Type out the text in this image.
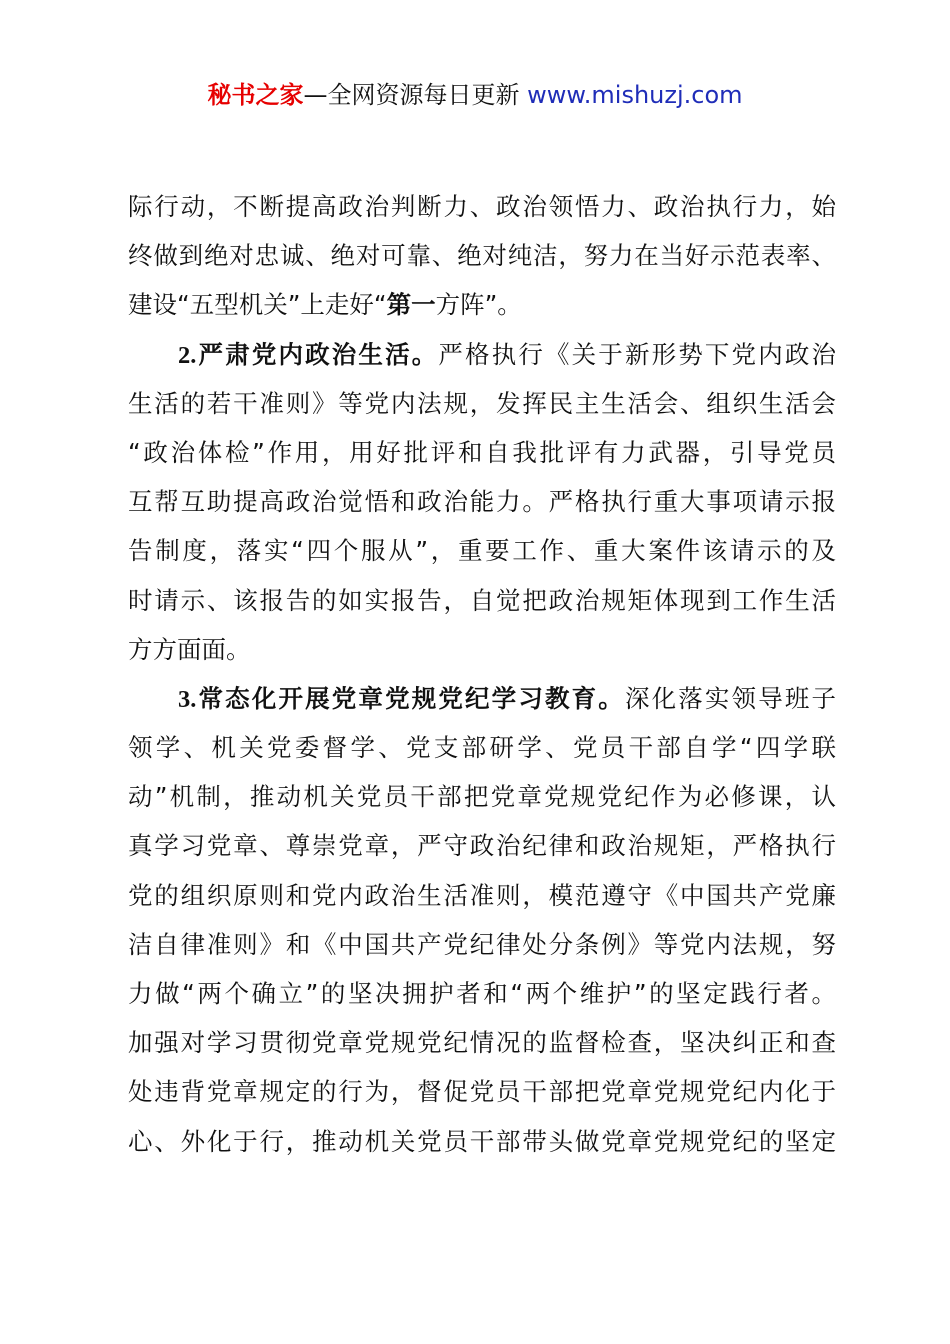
秘书之家—全网资源每日更新 www.mishuzj.com
际行动，不断提高政治判断力、政治领悟力、政治执行力，始
终做到绝对忠诚、绝对可靠、绝对纯洁，努力在当好示范表率、
建设“五型机关”上走好“第一方阵”。
2.严肃党内政治生活。严格执行《关于新形势下党内政治
生活的若干准则》等党内法规，发挥民主生活会、组织生活会
“政治体检”作用，用好批评和自我批评有力武器，引导党员
互帮互助提高政治觉悟和政治能力。严格执行重大事项请示报
告制度，落实“四个服从”，重要工作、重大案件该请示的及
时请示、该报告的如实报告，自觉把政治规矩体现到工作生活
方方面面。
3.常态化开展党章党规党纪学习教育。深化落实领导班子
领学、机关党委督学、党支部研学、党员干部自学“四学联
动”机制，推动机关党员干部把党章党规党纪作为必修课，认
真学习党章、尊崇党章，严守政治纪律和政治规矩，严格执行
党的组织原则和党内政治生活准则，模范遵守《中国共产党廉
洁自律准则》和《中国共产党纪律处分条例》等党内法规，努
力做“两个确立”的坚决拥护者和“两个维护”的坚定践行者。
加强对学习贯彻党章党规党纪情况的监督检查，坚决纠正和查
处违背党章规定的行为，督促党员干部把党章党规党纪内化于
心、外化于行，推动机关党员干部带头做党章党规党纪的坚定
